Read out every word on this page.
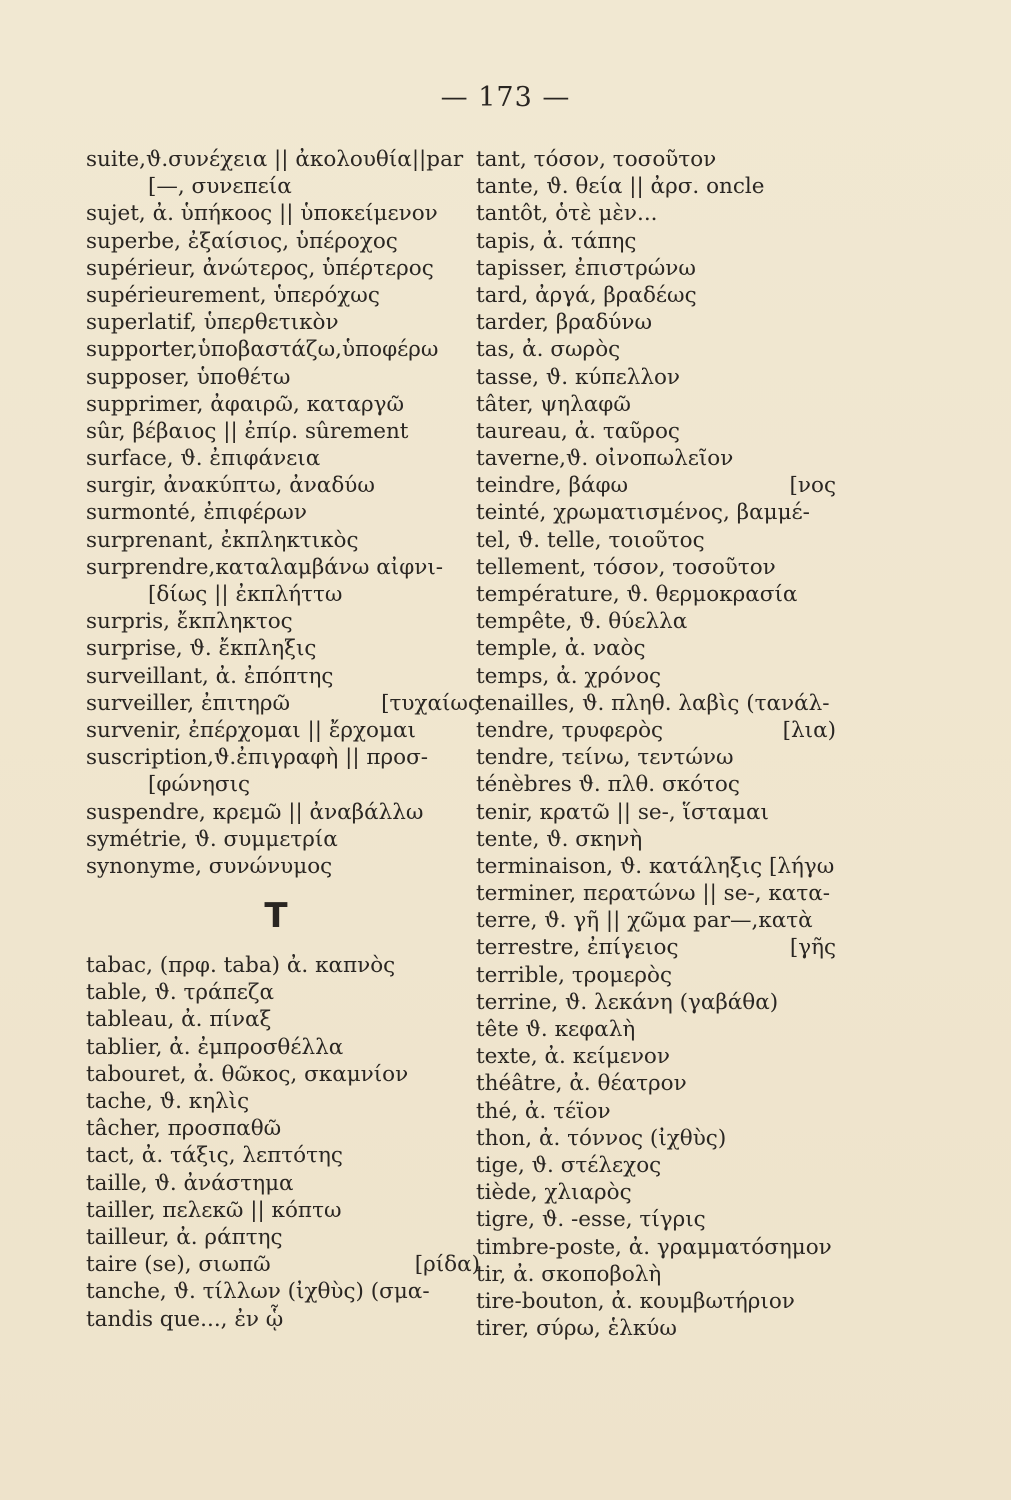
— 173 —
suite,ϑ.συνέχεια || ἀκολουθία||par
[—, συνεπεία
sujet, ἀ. ὑπήκοος || ὑποκείμενον
superbe, ἐξαίσιος, ὑπέροχος
supérieur, ἀνώτερος, ὑπέρτερος
supérieurement, ὑπερόχως
superlatif, ὑπερθετικὸν
supporter,ὑποβαστάζω,ὑποφέρω
supposer, ὑποθέτω
supprimer, ἀφαιρῶ, καταργῶ
sûr, βέβαιος || ἐπίρ. sûrement
surface, ϑ. ἐπιφάνεια
surgir, ἀνακύπτω, ἀναδύω
surmonté, ἐπιφέρων
surprenant, ἐκπληκτικὸς
surprendre,καταλαμβάνω αἰφνι-
[δίως || ἐκπλήττω
surpris, ἔκπληκτος
surprise, ϑ. ἔκπληξις
surveillant, ἀ. ἐπόπτης
surveiller, ἐπιτηρῶ	[τυχαίως
survenir, ἐπέρχομαι || ἔρχομαι
suscription,ϑ.ἐπιγραφὴ || προσ-
[φώνησις
suspendre, κρεμῶ || ἀναβάλλω
symétrie, ϑ. συμμετρία
synonyme, συνώνυμος
T
tabac, (πρφ. taba) ἀ. καπνὸς
table, ϑ. τράπεζα
tableau, ἀ. πίναξ
tablier, ἀ. ἐμπροσθέλλα
tabouret, ἀ. θῶκος, σκαμνίον
tache, ϑ. κηλὶς
tâcher, προσπαθῶ
tact, ἀ. τάξις, λεπτότης
taille, ϑ. ἀνάστημα
tailler, πελεκῶ || κόπτω
tailleur, ἀ. ράπτης
taire (se), σιωπῶ	[ρίδα)
tanche, ϑ. τίλλων (ἰχθὺς) (σμα-
tandis que..., ἐν ᾧ
tant, τόσον, τοσοῦτον
tante, ϑ. θεία || ἀρσ. oncle
tantôt, ὁτὲ μὲν...
tapis, ἀ. τάπης
tapisser, ἐπιστρώνω
tard, ἀργά, βραδέως
tarder, βραδύνω
tas, ἀ. σωρὸς
tasse, ϑ. κύπελλον
tâter, ψηλαφῶ
taureau, ἀ. ταῦρος
taverne,ϑ. οἰνοπωλεῖον
teindre, βάφω	[νος
teinté, χρωματισμένος, βαμμέ-
tel, ϑ. telle, τοιοῦτος
tellement, τόσον, τοσοῦτον
température, ϑ. θερμοκρασία
tempête, ϑ. θύελλα
temple, ἀ. ναὸς
temps, ἀ. χρόνος
tenailles, ϑ. πληθ. λαβὶς (τανάλ-
tendre, τρυφερὸς	[λια)
tendre, τείνω, τεντώνω
ténèbres ϑ. πλθ. σκότος
tenir, κρατῶ || se-, ἵσταμαι
tente, ϑ. σκηνὴ
terminaison, ϑ. κατάληξις [λήγω
terminer, περατώνω || se-, κατα-
terre, ϑ. γῆ || χῶμα par—,κατὰ
terrestre, ἐπίγειος	[γῆς
terrible, τρομερὸς
terrine, ϑ. λεκάνη (γαβάθα)
tête ϑ. κεφαλὴ
texte, ἀ. κείμενον
théâtre, ἀ. θέατρον
thé, ἀ. τέϊον
thon, ἀ. τόννος (ἰχθὺς)
tige, ϑ. στέλεχος
tiède, χλιαρὸς
tigre, ϑ. -esse, τίγρις
timbre-poste, ἀ. γραμματόσημον
tir, ἀ. σκοποβολὴ
tire-bouton, ἀ. κουμβωτήριον
tirer, σύρω, ἑλκύω
